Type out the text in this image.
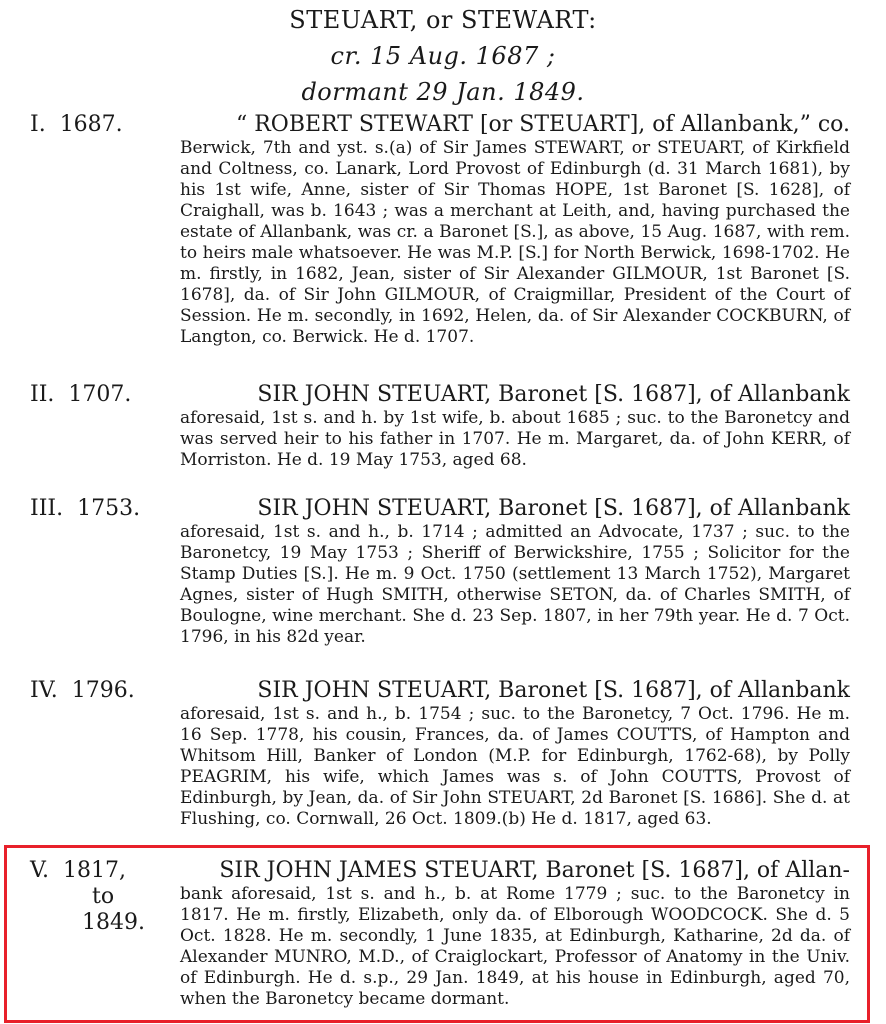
STEUART, or STEWART:
cr. 15 Aug. 1687 ;
dormant 29 Jan. 1849.
I. 1687.	“ ROBERT STEWART [or STEUART], of Allanbank,” co.

Berwick, 7th and yst. s.(a) of Sir James STEWART, or STEUART, of Kirkfield and Coltness, co. Lanark, Lord Provost of Edinburgh (d. 31 March 1681), by his 1st wife, Anne, sister of Sir Thomas HOPE, 1st Baronet [S. 1628], of Craighall, was b. 1643 ; was a merchant at Leith, and, having purchased the estate of Allanbank, was cr. a Baronet [S.], as above, 15 Aug. 1687, with rem. to heirs male whatsoever. He was M.P. [S.] for North Berwick, 1698-1702. He m. firstly, in 1682, Jean, sister of Sir Alexander GILMOUR, 1st Baronet [S. 1678], da. of Sir John GILMOUR, of Craigmillar, President of the Court of Session. He m. secondly, in 1692, Helen, da. of Sir Alexander COCKBURN, of Langton, co. Berwick. He d. 1707.

II. 1707.	SIR JOHN STEUART, Baronet [S. 1687], of Allanbank

aforesaid, 1st s. and h. by 1st wife, b. about 1685 ; suc. to the Baronetcy and was served heir to his father in 1707. He m. Margaret, da. of John KERR, of Morriston. He d. 19 May 1753, aged 68.

III. 1753.	SIR JOHN STEUART, Baronet [S. 1687], of Allanbank

aforesaid, 1st s. and h., b. 1714 ; admitted an Advocate, 1737 ; suc. to the Baronetcy, 19 May 1753 ; Sheriff of Berwickshire, 1755 ; Solicitor for the Stamp Duties [S.]. He m. 9 Oct. 1750 (settlement 13 March 1752), Margaret Agnes, sister of Hugh SMITH, otherwise SETON, da. of Charles SMITH, of Boulogne, wine merchant. She d. 23 Sep. 1807, in her 79th year. He d. 7 Oct. 1796, in his 82d year.

IV. 1796.	SIR JOHN STEUART, Baronet [S. 1687], of Allanbank

aforesaid, 1st s. and h., b. 1754 ; suc. to the Baronetcy, 7 Oct. 1796. He m. 16 Sep. 1778, his cousin, Frances, da. of James COUTTS, of Hampton and Whitsom Hill, Banker of London (M.P. for Edinburgh, 1762-68), by Polly PEAGRIM, his wife, which James was s. of John COUTTS, Provost of Edinburgh, by Jean, da. of Sir John STEUART, 2d Baronet [S. 1686]. She d. at Flushing, co. Cornwall, 26 Oct. 1809.(b) He d. 1817, aged 63.

V. 1817,
to
1849.
SIR JOHN JAMES STEUART, Baronet [S. 1687], of Allan-

bank aforesaid, 1st s. and h., b. at Rome 1779 ; suc. to the Baronetcy in 1817. He m. firstly, Elizabeth, only da. of Elborough WOODCOCK. She d. 5 Oct. 1828. He m. secondly, 1 June 1835, at Edinburgh, Katharine, 2d da. of Alexander MUNRO, M.D., of Craiglockart, Professor of Anatomy in the Univ. of Edinburgh. He d. s.p., 29 Jan. 1849, at his house in Edinburgh, aged 70, when the Baronetcy became dormant.
